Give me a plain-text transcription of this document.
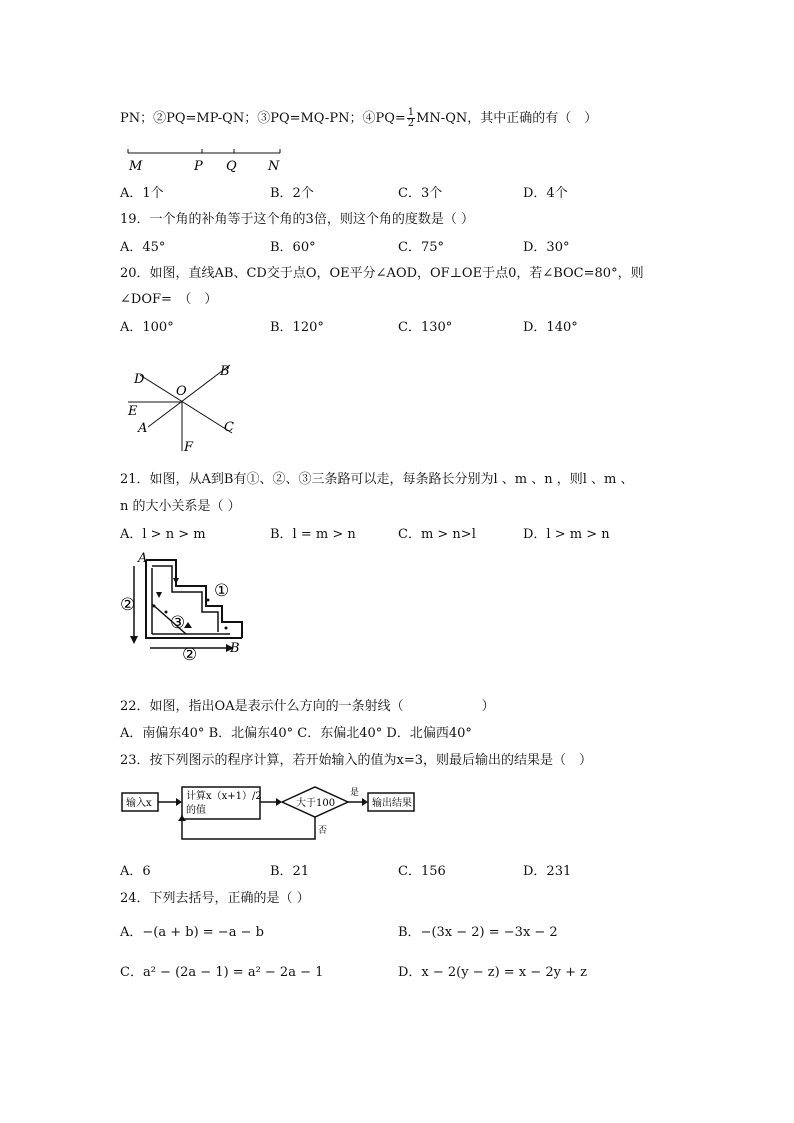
PN；②PQ=MP-QN；③PQ=MQ-PN；④PQ= $\frac{1}{2} MN-QN$，其中正确的有（　）
M	P Q N
A．1个	B．2个	C．3个	D．4个
19．一个角的补角等于这个角的3倍，则这个角的度数是（ ）
A．45°	B．60°	C．75°	D．30°
20．如图，直线AB、CD交于点O，OE平分∠AOD，OF⊥OE于点0，若∠BOC=80°，则
∠DOF=　（　）
A．100°	B．120°	C．130°	D．140°
D
O
B
E
A	C
F
21．如图，从A到B有①、②、③三条路可以走，每条路长分别为l 、m 、n ，则l 、m 、
n 的大小关系是（ ）
A．l > n > m	B．l = m > n	C．m > n>l	D．l > m > n
A
B
①
②
③
②
22．如图，指出OA是表示什么方向的一条射线（　　　　　　）
A．南偏东40° B．北偏东40° C．东偏北40° D．北偏西40°
23．按下列图示的程序计算，若开始输入的值为x=3，则最后输出的结果是（　）
输入x
计算x（x+1）/2
的值
大于100
是
输出结果
否
A．6	B．21	C．156	D．231
24．下列去括号，正确的是（ ）
A．−(a + b) = −a − b	B．−(3x − 2) = −3x − 2
C．a² − (2a − 1) = a² − 2a − 1	D．x − 2(y − z) = x − 2y + z
